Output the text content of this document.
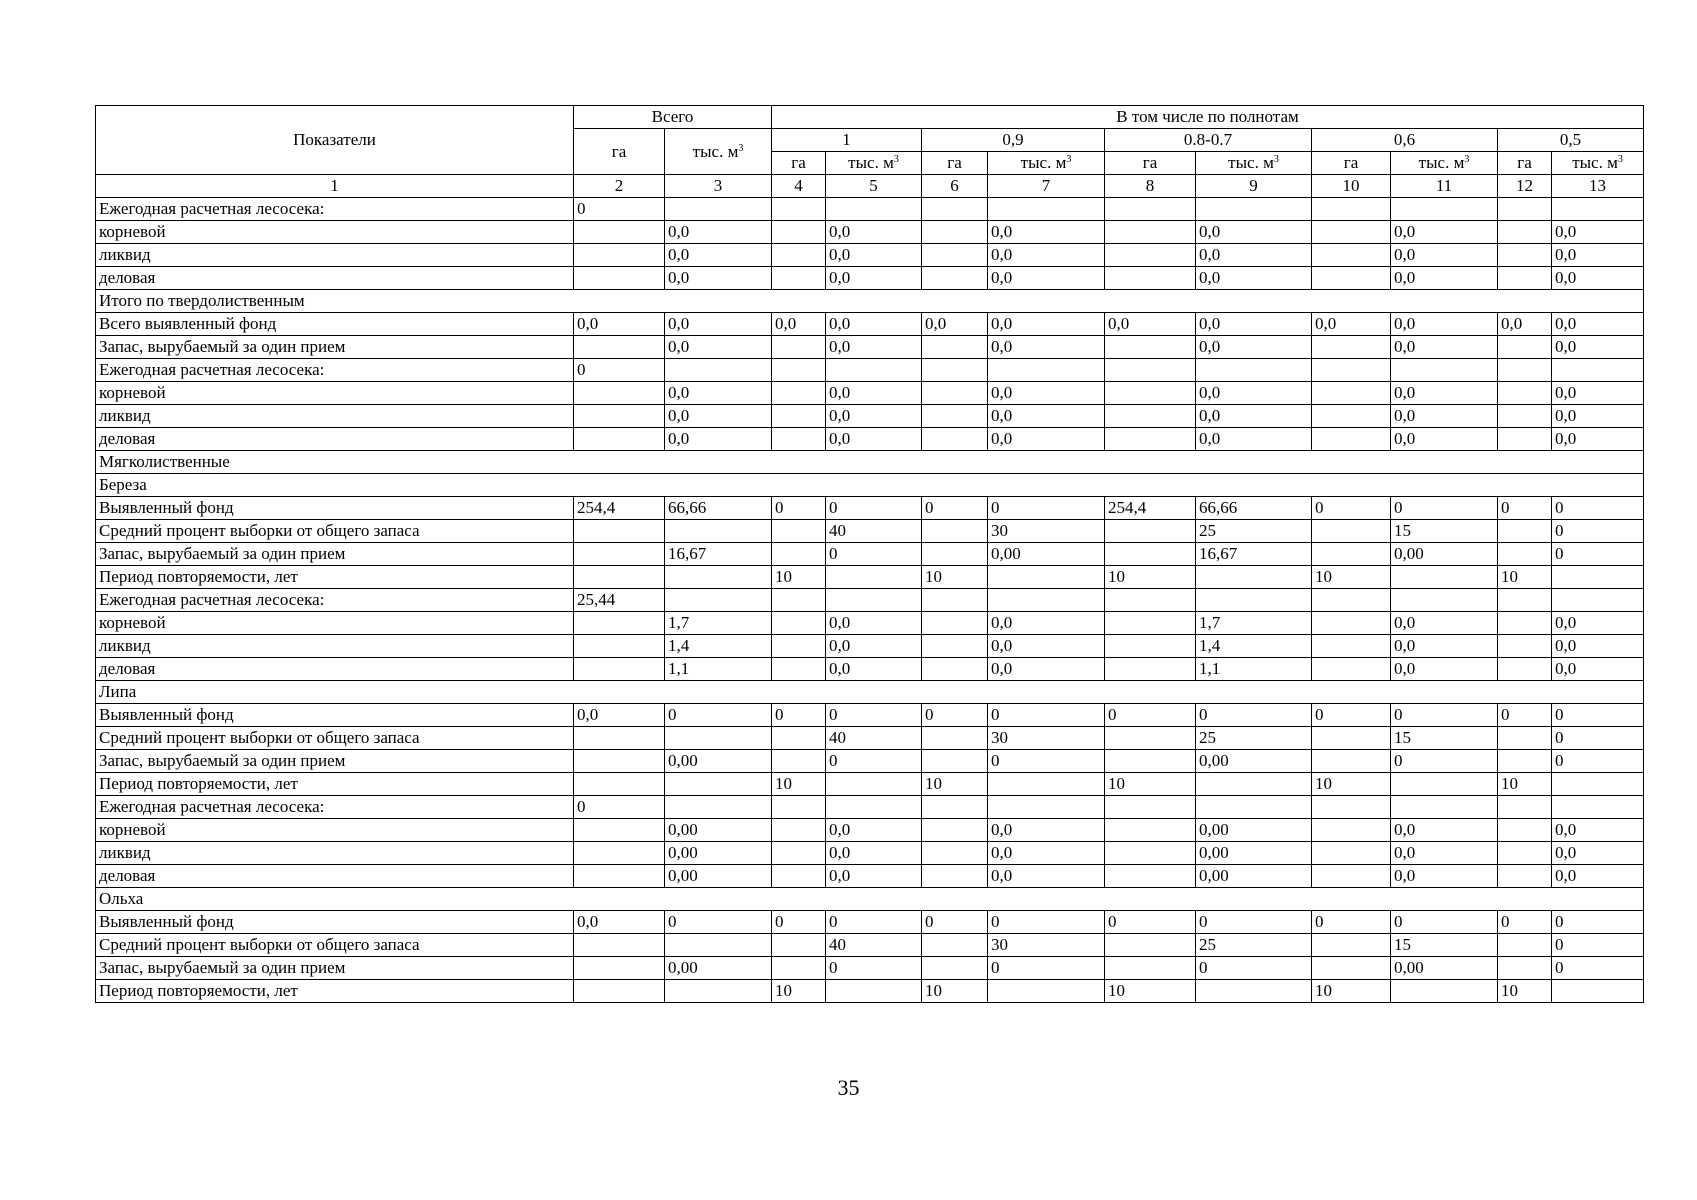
Показатели	Всего		В том числе по полнотам									
	га	тыс. $м^3$	1		0,9		0.8-0.7		0,6		0,5	
			га	тыс. $м^3$	га	тыс. $м^3$	га	тыс. $м^3$	га	тыс. $м^3$	га	тыс. $м^3$
1	2	3	4	5	6	7	8	9	10	11	12	13
Ежегодная расчетная лесосека:	0											
корневой		0,0		0,0		0,0		0,0		0,0		0,0
ликвид		0,0		0,0		0,0		0,0		0,0		0,0
деловая		0,0		0,0		0,0		0,0		0,0		0,0
Итого по твердолиственным												
Всего выявленный фонд	0,0	0,0	0,0	0,0	0,0	0,0	0,0	0,0	0,0	0,0	0,0	0,0
Запас, вырубаемый за один прием		0,0		0,0		0,0		0,0		0,0		0,0
Ежегодная расчетная лесосека:	0											
корневой		0,0		0,0		0,0		0,0		0,0		0,0
ликвид		0,0		0,0		0,0		0,0		0,0		0,0
деловая		0,0		0,0		0,0		0,0		0,0		0,0
Мягколиственные												
Береза												
Выявленный фонд	254,4	66,66	0	0	0	0	254,4	66,66	0	0	0	0
Средний процент выборки от общего запаса				40		30		25		15		0
Запас, вырубаемый за один прием		16,67		0		0,00		16,67		0,00		0
Период повторяемости, лет			10		10		10		10		10	
Ежегодная расчетная лесосека:	25,44											
корневой		1,7		0,0		0,0		1,7		0,0		0,0
ликвид		1,4		0,0		0,0		1,4		0,0		0,0
деловая		1,1		0,0		0,0		1,1		0,0		0,0
Липа												
Выявленный фонд	0,0	0	0	0	0	0	0	0	0	0	0	0
Средний процент выборки от общего запаса				40		30		25		15		0
Запас, вырубаемый за один прием		0,00		0		0		0,00		0		0
Период повторяемости, лет			10		10		10		10		10	
Ежегодная расчетная лесосека:	0											
корневой		0,00		0,0		0,0		0,00		0,0		0,0
ликвид		0,00		0,0		0,0		0,00		0,0		0,0
деловая		0,00		0,0		0,0		0,00		0,0		0,0
Ольха												
Выявленный фонд	0,0	0	0	0	0	0	0	0	0	0	0	0
Средний процент выборки от общего запаса				40		30		25		15		0
Запас, вырубаемый за один прием		0,00		0		0		0		0,00		0
Период повторяемости, лет			10		10		10		10		10	
35
